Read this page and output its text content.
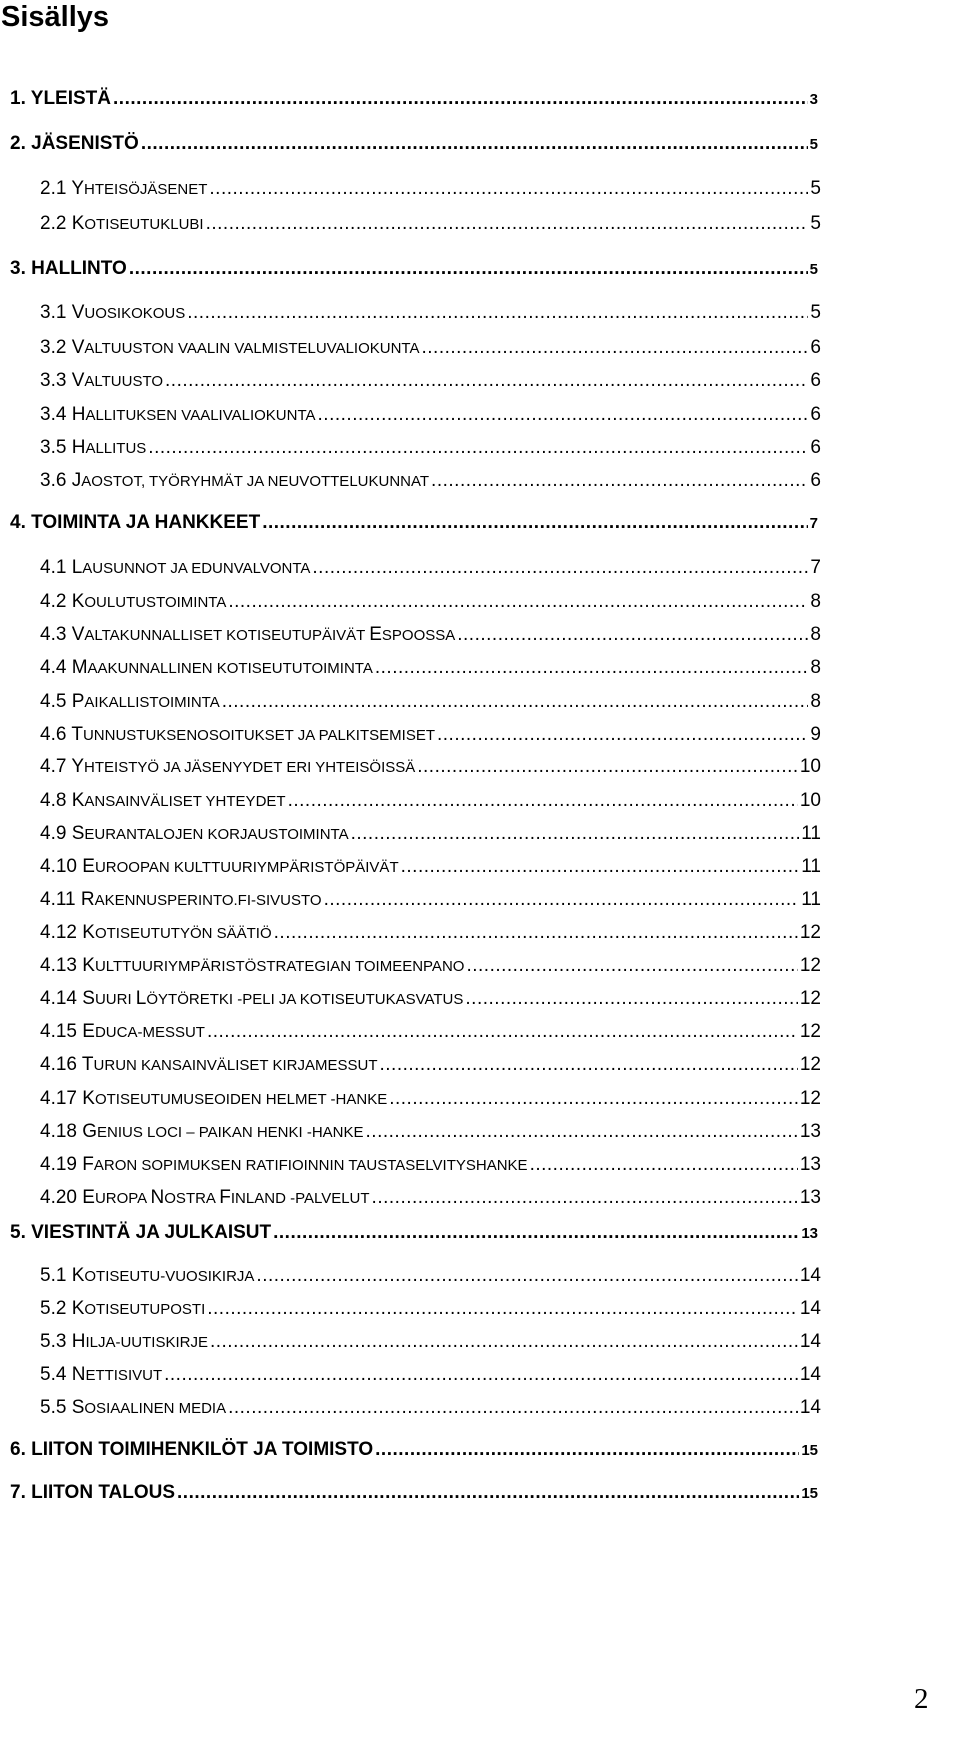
Sisällys
1. YLEISTÄ .....	3
2. JÄSENISTÖ .....	5
2.1 YHTEISÖJÄSENET .....	5
2.2 KOTISEUTUKLUBI .....	5
3. HALLINTO .....	5
3.1 VUOSIKOKOUS .....	5
3.2 VALTUUSTON VAALIN VALMISTELUVALIOKUNTA .....	6
3.3 VALTUUSTO .....	6
3.4 HALLITUKSEN VAALIVALIOKUNTA .....	6
3.5 HALLITUS .....	6
3.6 JAOSTOT, TYÖRYHMÄT JA NEUVOTTELUKUNNAT .....	6
4. TOIMINTA JA HANKKEET .....	7
4.1 LAUSUNNOT JA EDUNVALVONTA .....	7
4.2 KOULUTUSTOIMINTA .....	8
4.3 VALTAKUNNALLISET KOTISEUTUPÄIVÄT ESPOOSSA .....	8
4.4 MAAKUNNALLINEN KOTISEUTUTOIMINTA .....	8
4.5 PAIKALLISTOIMINTA .....	8
4.6 TUNNUSTUKSENOSOITUKSET JA PALKITSEMISET .....	9
4.7 YHTEISTYÖ JA JÄSENYYDET ERI YHTEISÖISSÄ .....	10
4.8 KANSAINVÄLISET YHTEYDET .....	10
4.9 SEURANTALOJEN KORJAUSTOIMINTA .....	11
4.10 EUROOPAN KULTTUURIYMPÄRISTÖPÄIVÄT .....	11
4.11 RAKENNUSPERINTO.FI-SIVUSTO .....	11
4.12 KOTISEUTUTYÖN SÄÄTIÖ .....	12
4.13 KULTTUURIYMPÄRISTÖSTRATEGIAN TOIMEENPANO .....	12
4.14 SUURI LÖYTÖRETKI -PELI JA KOTISEUTUKASVATUS .....	12
4.15 EDUCA-MESSUT .....	12
4.16 TURUN KANSAINVÄLISET KIRJAMESSUT .....	12
4.17 KOTISEUTUMUSEOIDEN HELMET -HANKE .....	12
4.18 GENIUS LOCI – PAIKAN HENKI -HANKE .....	13
4.19 FARON SOPIMUKSEN RATIFIOINNIN TAUSTASELVITYSHANKE .....	13
4.20 EUROPA NOSTRA FINLAND -PALVELUT .....	13
5. VIESTINTÄ JA JULKAISUT .....	13
5.1 KOTISEUTU-VUOSIKIRJA .....	14
5.2 KOTISEUTUPOSTI .....	14
5.3 HILJA-UUTISKIRJE .....	14
5.4 NETTISIVUT .....	14
5.5 SOSIAALINEN MEDIA .....	14
6. LIITON TOIMIHENKILÖT JA TOIMISTO .....	15
7. LIITON TALOUS .....	15
2
